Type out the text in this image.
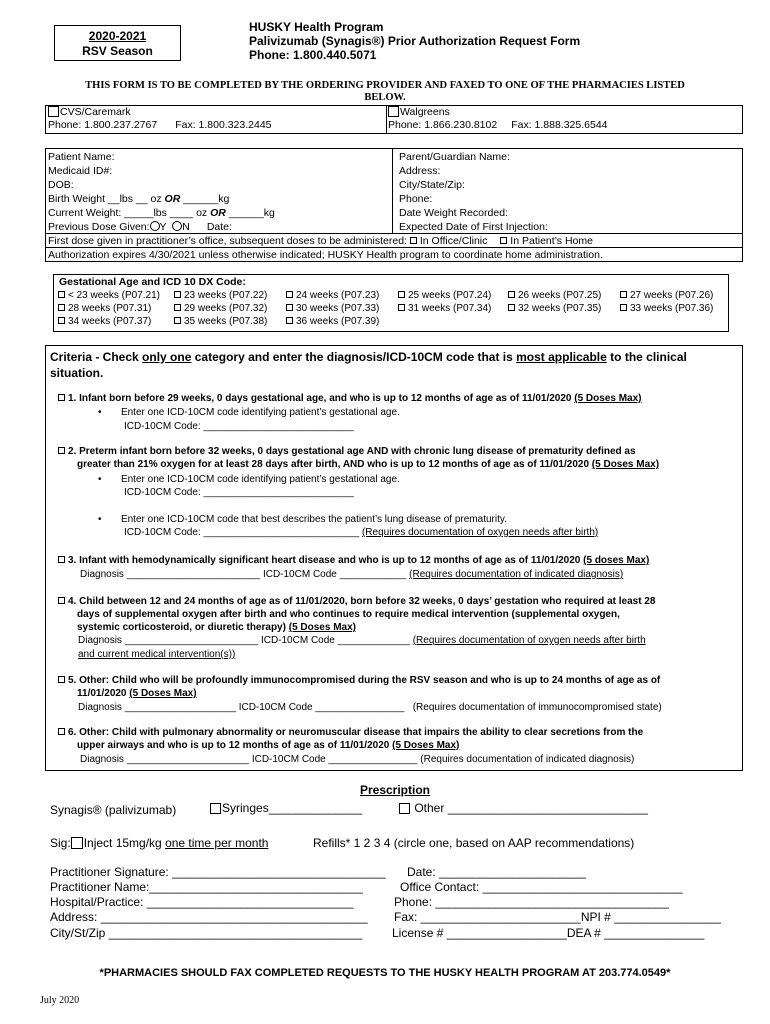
2020-2021
RSV Season
HUSKY Health Program
Palivizumab (Synagis®) Prior Authorization Request Form
Phone: 1.800.440.5071
THIS FORM IS TO BE COMPLETED BY THE ORDERING PROVIDER AND FAXED TO ONE OF THE PHARMACIES LISTED
BELOW.
CVS/Caremark
Phone: 1.800.237.2767 Fax: 1.800.323.2445
Walgreens
Phone: 1.866.230.8102 Fax: 1.888.325.6544
Patient Name:	Parent/Guardian Name:
Medicaid ID#:	Address:
DOB:	City/State/Zip:
Birth Weight __lbs __ oz OR ______kg	Phone:
Current Weight: _____lbs ____ oz OR ______kg	Date Weight Recorded:
Previous Dose Given: Y N Date:	Expected Date of First Injection:
First dose given in practitioner’s office, subsequent doses to be administered: In Office/Clinic In Patient’s Home
Authorization expires 4/30/2021 unless otherwise indicated; HUSKY Health program to coordinate home administration.
Gestational Age and ICD 10 DX Code:
< 23 weeks (P07.21)	23 weeks (P07.22)	24 weeks (P07.23)	25 weeks (P07.24)	26 weeks (P07.25)	27 weeks (P07.26)
28 weeks (P07.31)	29 weeks (P07.32)	30 weeks (P07.33)	31 weeks (P07.34)	32 weeks (P07.35)	33 weeks (P07.36)
34 weeks (P07.37)	35 weeks (P07.38)	36 weeks (P07.39)
Criteria - Check only one category and enter the diagnosis/ICD-10CM code that is most applicable to the clinical
situation.
1. Infant born before 29 weeks, 0 days gestational age, and who is up to 12 months of age as of 11/01/2020 (5 Doses Max)
•       Enter one ICD-10CM code identifying patient’s gestational age.
ICD-10CM Code: ___________________________
2. Preterm infant born before 32 weeks, 0 days gestational age AND with chronic lung disease of prematurity defined as
greater than 21% oxygen for at least 28 days after birth, AND who is up to 12 months of age as of 11/01/2020 (5 Doses Max)
•       Enter one ICD-10CM code identifying patient’s gestational age.
ICD-10CM Code: ___________________________
•       Enter one ICD-10CM code that best describes the patient’s lung disease of prematurity.
ICD-10CM Code: ____________________________ (Requires documentation of oxygen needs after birth)
3. Infant with hemodynamically significant heart disease and who is up to 12 months of age as of 11/01/2020 (5 doses Max)
Diagnosis ________________________ ICD-10CM Code ____________ (Requires documentation of indicated diagnosis)
4. Child between 12 and 24 months of age as of 11/01/2020, born before 32 weeks, 0 days’ gestation who required at least 28
days of supplemental oxygen after birth and who continues to require medical intervention (supplemental oxygen,
systemic corticosteroid, or diuretic therapy) (5 Doses Max)
Diagnosis ________________________ ICD-10CM Code _____________ (Requires documentation of oxygen needs after birth
and current medical intervention(s))
5. Other: Child who will be profoundly immunocompromised during the RSV season and who is up to 24 months of age as of
11/01/2020 (5 Doses Max)
Diagnosis ____________________ ICD-10CM Code ________________ (Requires documentation of immunocompromised state)
6. Other: Child with pulmonary abnormality or neuromuscular disease that impairs the ability to clear secretions from the
upper airways and who is up to 12 months of age as of 11/01/2020 (5 Doses Max)
Diagnosis ______________________ ICD-10CM Code ________________ (Requires documentation of indicated diagnosis)
Prescription
Synagis® (palivizumab)	Syringes______________	Other ______________________________
Sig: Inject 15mg/kg one time per month	Refills* 1 2 3 4 (circle one, based on AAP recommendations)
Practitioner Signature: ________________________________ Date: ______________________
Practitioner Name:________________________________	Office Contact: ______________________________
Hospital/Practice: _______________________________	Phone: ___________________________________
Address: ________________________________________ Fax: ________________________NPI # ________________
City/St/Zip ______________________________________ License # __________________DEA # _______________
*PHARMACIES SHOULD FAX COMPLETED REQUESTS TO THE HUSKY HEALTH PROGRAM AT 203.774.0549*
July 2020
